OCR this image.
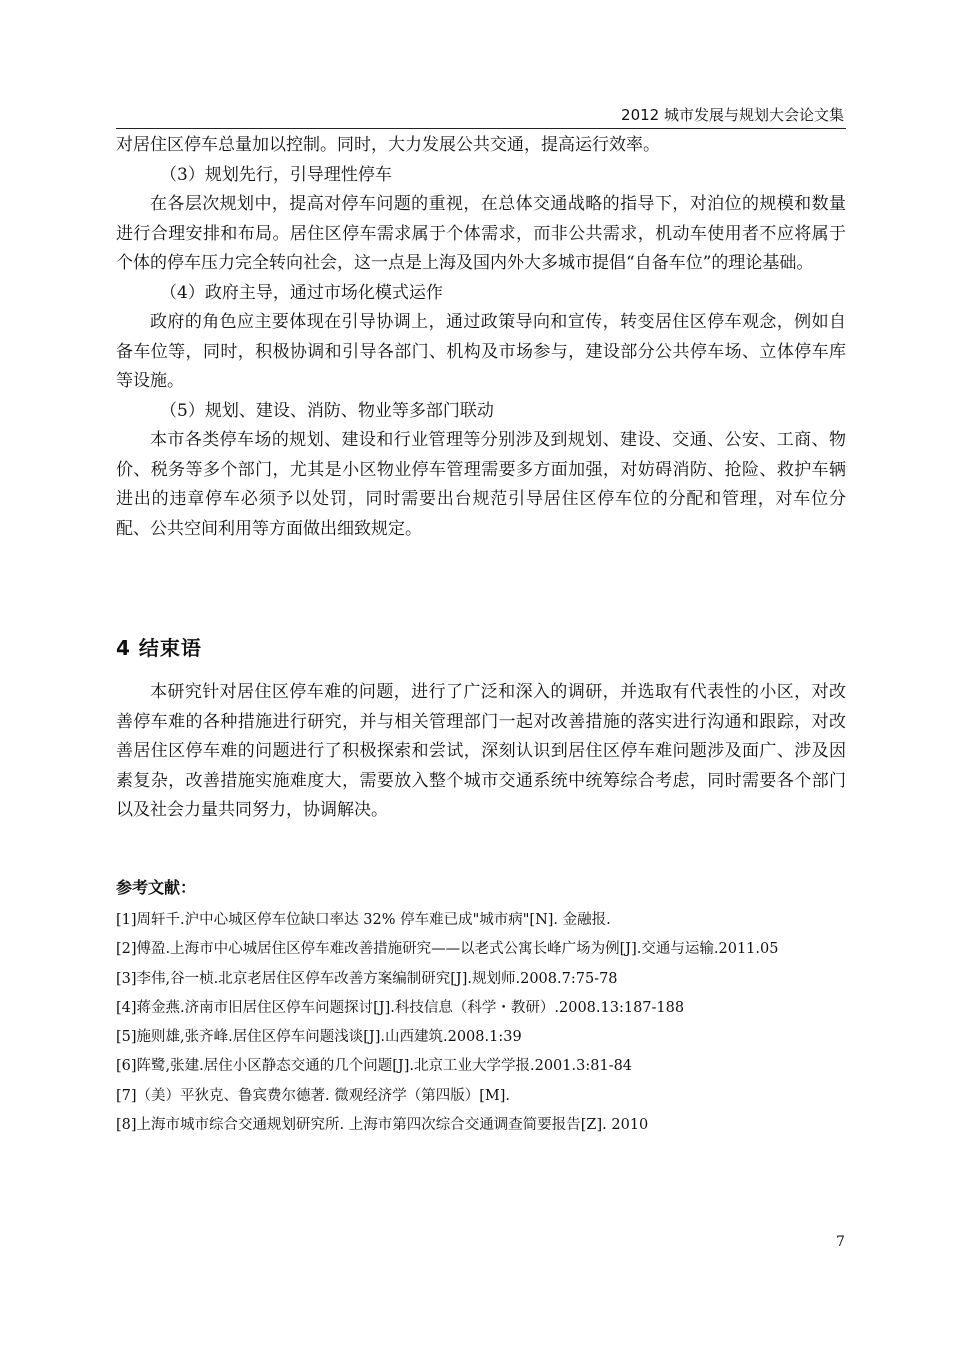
2012 城市发展与规划大会论文集

对居住区停车总量加以控制。同时，大力发展公共交通，提高运行效率。

（3）规划先行，引导理性停车

在各层次规划中，提高对停车问题的重视，在总体交通战略的指导下，对泊位的规模和数量进行合理安排和布局。居住区停车需求属于个体需求，而非公共需求，机动车使用者不应将属于个体的停车压力完全转向社会，这一点是上海及国内外大多城市提倡“自备车位”的理论基础。

（4）政府主导，通过市场化模式运作

政府的角色应主要体现在引导协调上，通过政策导向和宣传，转变居住区停车观念，例如自备车位等，同时，积极协调和引导各部门、机构及市场参与，建设部分公共停车场、立体停车库等设施。

（5）规划、建设、消防、物业等多部门联动

本市各类停车场的规划、建设和行业管理等分别涉及到规划、建设、交通、公安、工商、物价、税务等多个部门，尤其是小区物业停车管理需要多方面加强，对妨碍消防、抢险、救护车辆进出的违章停车必须予以处罚，同时需要出台规范引导居住区停车位的分配和管理，对车位分配、公共空间利用等方面做出细致规定。

4 结束语

本研究针对居住区停车难的问题，进行了广泛和深入的调研，并选取有代表性的小区，对改善停车难的各种措施进行研究，并与相关管理部门一起对改善措施的落实进行沟通和跟踪，对改善居住区停车难的问题进行了积极探索和尝试，深刻认识到居住区停车难问题涉及面广、涉及因素复杂，改善措施实施难度大，需要放入整个城市交通系统中统筹综合考虑，同时需要各个部门以及社会力量共同努力，协调解决。

参考文献：
[1]周轩千.沪中心城区停车位缺口率达 32% 停车难已成"城市病"[N]. 金融报.
[2]傅盈.上海市中心城居住区停车难改善措施研究——以老式公寓长峰广场为例[J].交通与运输.2011.05
[3]李伟,谷一桢.北京老居住区停车改善方案编制研究[J].规划师.2008.7:75-78
[4]蒋金燕.济南市旧居住区停车问题探讨[J].科技信息（科学・教研）.2008.13:187-188
[5]施则雄,张齐峰.居住区停车问题浅谈[J].山西建筑.2008.1:39
[6]阵鹭,张建.居住小区静态交通的几个问题[J].北京工业大学学报.2001.3:81-84
[7]（美）平狄克、鲁宾费尔德著. 微观经济学（第四版）[M].
[8]上海市城市综合交通规划研究所. 上海市第四次综合交通调查简要报告[Z]. 2010
7
